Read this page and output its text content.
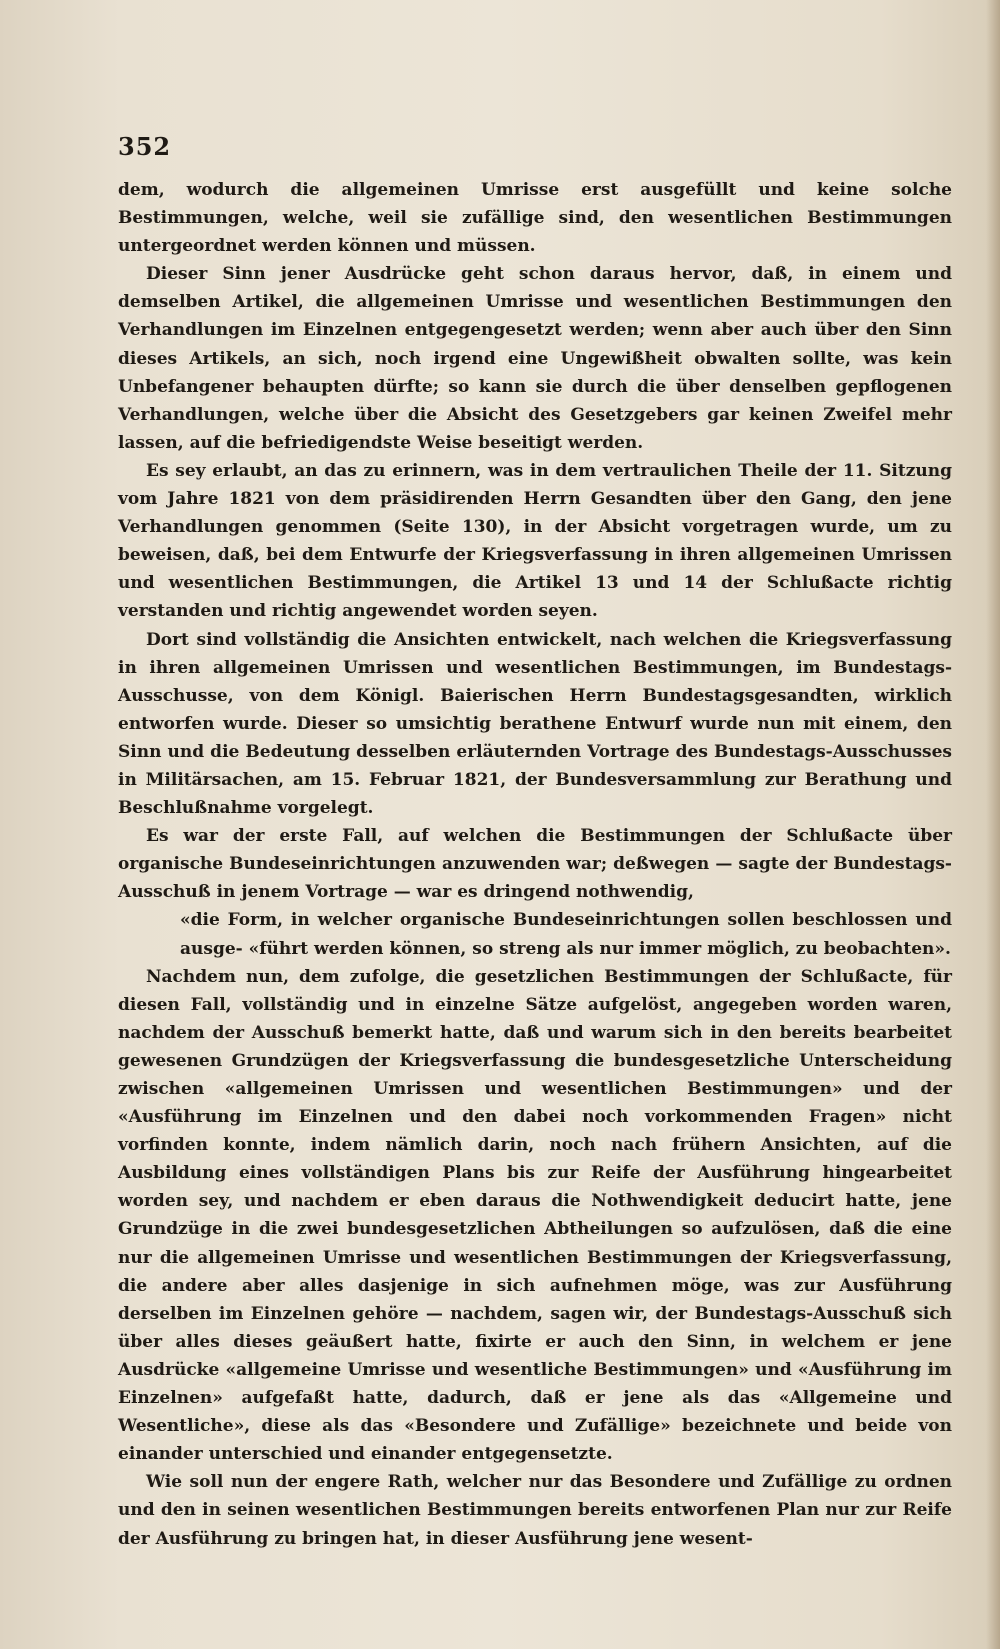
352

dem, wodurch die allgemeinen Umrisse erst ausgefüllt und keine solche Bestimmungen, welche, weil sie zufällige sind, den wesentlichen Bestimmungen untergeordnet werden können und müssen.

Dieser Sinn jener Ausdrücke geht schon daraus hervor, daß, in einem und demselben Artikel, die allgemeinen Umrisse und wesentlichen Bestimmungen den Verhandlungen im Einzelnen entgegengesetzt werden; wenn aber auch über den Sinn dieses Artikels, an sich, noch irgend eine Ungewißheit obwalten sollte, was kein Unbefangener behaupten dürfte; so kann sie durch die über denselben gepflogenen Verhandlungen, welche über die Absicht des Gesetzgebers gar keinen Zweifel mehr lassen, auf die befriedigendste Weise beseitigt werden.

Es sey erlaubt, an das zu erinnern, was in dem vertraulichen Theile der 11. Sitzung vom Jahre 1821 von dem präsidirenden Herrn Gesandten über den Gang, den jene Verhandlungen genommen (Seite 130), in der Absicht vorgetragen wurde, um zu beweisen, daß, bei dem Entwurfe der Kriegsverfassung in ihren allgemeinen Umrissen und wesentlichen Bestimmungen, die Artikel 13 und 14 der Schlußacte richtig verstanden und richtig angewendet worden seyen.

Dort sind vollständig die Ansichten entwickelt, nach welchen die Kriegsverfassung in ihren allgemeinen Umrissen und wesentlichen Bestimmungen, im Bundestags-Ausschusse, von dem Königl. Baierischen Herrn Bundestagsgesandten, wirklich entworfen wurde. Dieser so umsichtig berathene Entwurf wurde nun mit einem, den Sinn und die Bedeutung desselben erläuternden Vortrage des Bundestags-Ausschusses in Militärsachen, am 15. Februar 1821, der Bundesversammlung zur Berathung und Beschlußnahme vorgelegt.

Es war der erste Fall, auf welchen die Bestimmungen der Schlußacte über organische Bundeseinrichtungen anzuwenden war; deßwegen — sagte der Bundestags-Ausschuß in jenem Vortrage — war es dringend nothwendig,

«die Form, in welcher organische Bundeseinrichtungen sollen beschlossen und ausge- «führt werden können, so streng als nur immer möglich, zu beobachten».

Nachdem nun, dem zufolge, die gesetzlichen Bestimmungen der Schlußacte, für diesen Fall, vollständig und in einzelne Sätze aufgelöst, angegeben worden waren, nachdem der Ausschuß bemerkt hatte, daß und warum sich in den bereits bearbeitet gewesenen Grundzügen der Kriegsverfassung die bundesgesetzliche Unterscheidung zwischen «allgemeinen Umrissen und wesentlichen Bestimmungen» und der «Ausführung im Einzelnen und den dabei noch vorkommenden Fragen» nicht vorfinden konnte, indem nämlich darin, noch nach frühern Ansichten, auf die Ausbildung eines vollständigen Plans bis zur Reife der Ausführung hingearbeitet worden sey, und nachdem er eben daraus die Nothwendigkeit deducirt hatte, jene Grundzüge in die zwei bundesgesetzlichen Abtheilungen so aufzulösen, daß die eine nur die allgemeinen Umrisse und wesentlichen Bestimmungen der Kriegsverfassung, die andere aber alles dasjenige in sich aufnehmen möge, was zur Ausführung derselben im Einzelnen gehöre — nachdem, sagen wir, der Bundestags-Ausschuß sich über alles dieses geäußert hatte, fixirte er auch den Sinn, in welchem er jene Ausdrücke «allgemeine Umrisse und wesentliche Bestimmungen» und «Ausführung im Einzelnen» aufgefaßt hatte, dadurch, daß er jene als das «Allgemeine und Wesentliche», diese als das «Besondere und Zufällige» bezeichnete und beide von einander unterschied und einander entgegensetzte.

Wie soll nun der engere Rath, welcher nur das Besondere und Zufällige zu ordnen und den in seinen wesentlichen Bestimmungen bereits entworfenen Plan nur zur Reife der Ausführung zu bringen hat, in dieser Ausführung jene wesent-
